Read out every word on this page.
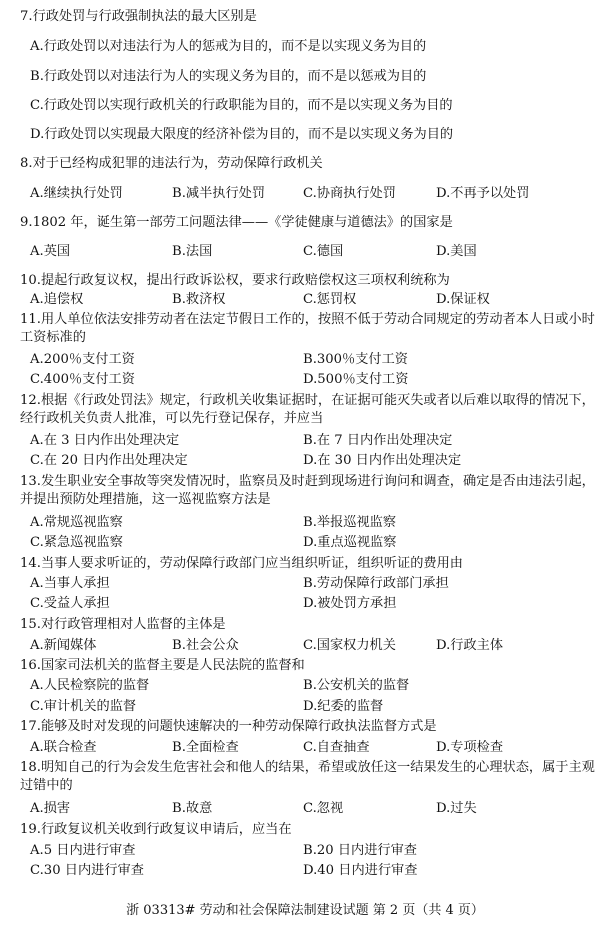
7.行政处罚与行政强制执法的最大区别是
A.行政处罚以对违法行为人的惩戒为目的，而不是以实现义务为目的
B.行政处罚以对违法行为人的实现义务为目的，而不是以惩戒为目的
C.行政处罚以实现行政机关的行政职能为目的，而不是以实现义务为目的
D.行政处罚以实现最大限度的经济补偿为目的，而不是以实现义务为目的
8.对于已经构成犯罪的违法行为，劳动保障行政机关
A.继续执行处罚	B.减半执行处罚	C.协商执行处罚	D.不再予以处罚
9.1802 年，诞生第一部劳工问题法律——《学徒健康与道德法》的国家是
A.英国	B.法国	C.德国	D.美国
10.提起行政复议权，提出行政诉讼权，要求行政赔偿权这三项权利统称为
A.追偿权	B.救济权	C.惩罚权	D.保证权
11.用人单位依法安排劳动者在法定节假日工作的，按照不低于劳动合同规定的劳动者本人日或小时工资标准的
A.200％支付工资	B.300％支付工资
C.400％支付工资	D.500％支付工资
12.根据《行政处罚法》规定，行政机关收集证据时，在证据可能灭失或者以后难以取得的情况下，经行政机关负责人批准，可以先行登记保存，并应当
A.在 3 日内作出处理决定	B.在 7 日内作出处理决定
C.在 20 日内作出处理决定	D.在 30 日内作出处理决定
13.发生职业安全事故等突发情况时，监察员及时赶到现场进行询问和调查，确定是否由违法引起，并提出预防处理措施，这一巡视监察方法是
A.常规巡视监察	B.举报巡视监察
C.紧急巡视监察	D.重点巡视监察
14.当事人要求听证的，劳动保障行政部门应当组织听证，组织听证的费用由
A.当事人承担	B.劳动保障行政部门承担
C.受益人承担	D.被处罚方承担
15.对行政管理相对人监督的主体是
A.新闻媒体	B.社会公众	C.国家权力机关	D.行政主体
16.国家司法机关的监督主要是人民法院的监督和
A.人民检察院的监督	B.公安机关的监督
C.审计机关的监督	D.纪委的监督
17.能够及时对发现的问题快速解决的一种劳动保障行政执法监督方式是
A.联合检查	B.全面检查	C.自查抽查	D.专项检查
18.明知自己的行为会发生危害社会和他人的结果，希望或放任这一结果发生的心理状态，属于主观过错中的
A.损害	B.故意	C.忽视	D.过失
19.行政复议机关收到行政复议申请后，应当在
A.5 日内进行审查	B.20 日内进行审查
C.30 日内进行审查	D.40 日内进行审查
浙 03313# 劳动和社会保障法制建设试题 第 2 页（共 4 页）
